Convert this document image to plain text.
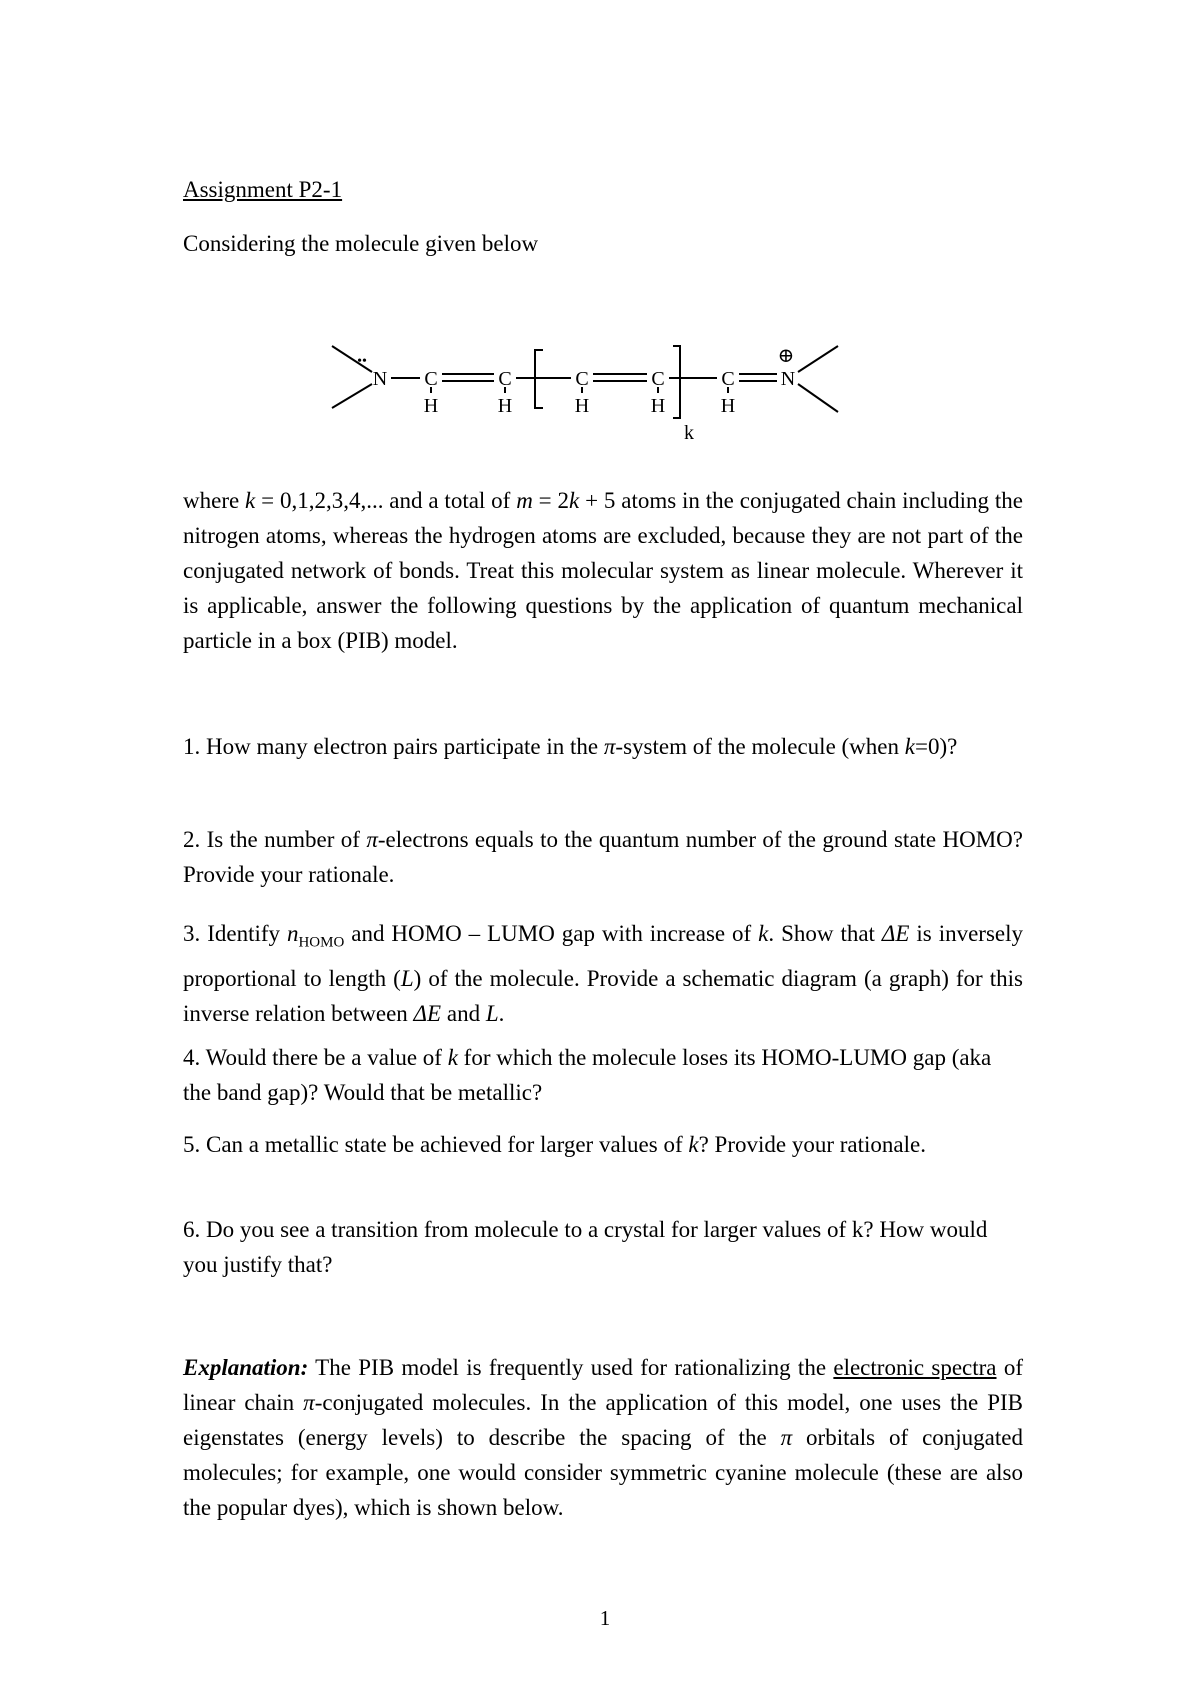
Assignment P2-1
Considering the molecule given below
••
N C
H
C
H
C
H
C
H
k
C
H
N
⊕
where k = 0,1,2,3,4,... and a total of m = 2k + 5 atoms in the conjugated chain including the nitrogen atoms, whereas the hydrogen atoms are excluded, because they are not part of the conjugated network of bonds. Treat this molecular system as linear molecule. Wherever it is applicable, answer the following questions by the application of quantum mechanical particle in a box (PIB) model.
1. How many electron pairs participate in the π-system of the molecule (when k=0)?
2. Is the number of π-electrons equals to the quantum number of the ground state HOMO? Provide your rationale.
3. Identify $n_{HOMO}$ and HOMO – LUMO gap with increase of k. Show that ΔE is inversely proportional to length (L) of the molecule. Provide a schematic diagram (a graph) for this inverse relation between ΔE and L.
4. Would there be a value of k for which the molecule loses its HOMO-LUMO gap (aka the band gap)? Would that be metallic?
5. Can a metallic state be achieved for larger values of k? Provide your rationale.
6. Do you see a transition from molecule to a crystal for larger values of k? How would you justify that?
Explanation: The PIB model is frequently used for rationalizing the electronic spectra of linear chain π-conjugated molecules. In the application of this model, one uses the PIB eigenstates (energy levels) to describe the spacing of the π orbitals of conjugated molecules; for example, one would consider symmetric cyanine molecule (these are also the popular dyes), which is shown below.
1
